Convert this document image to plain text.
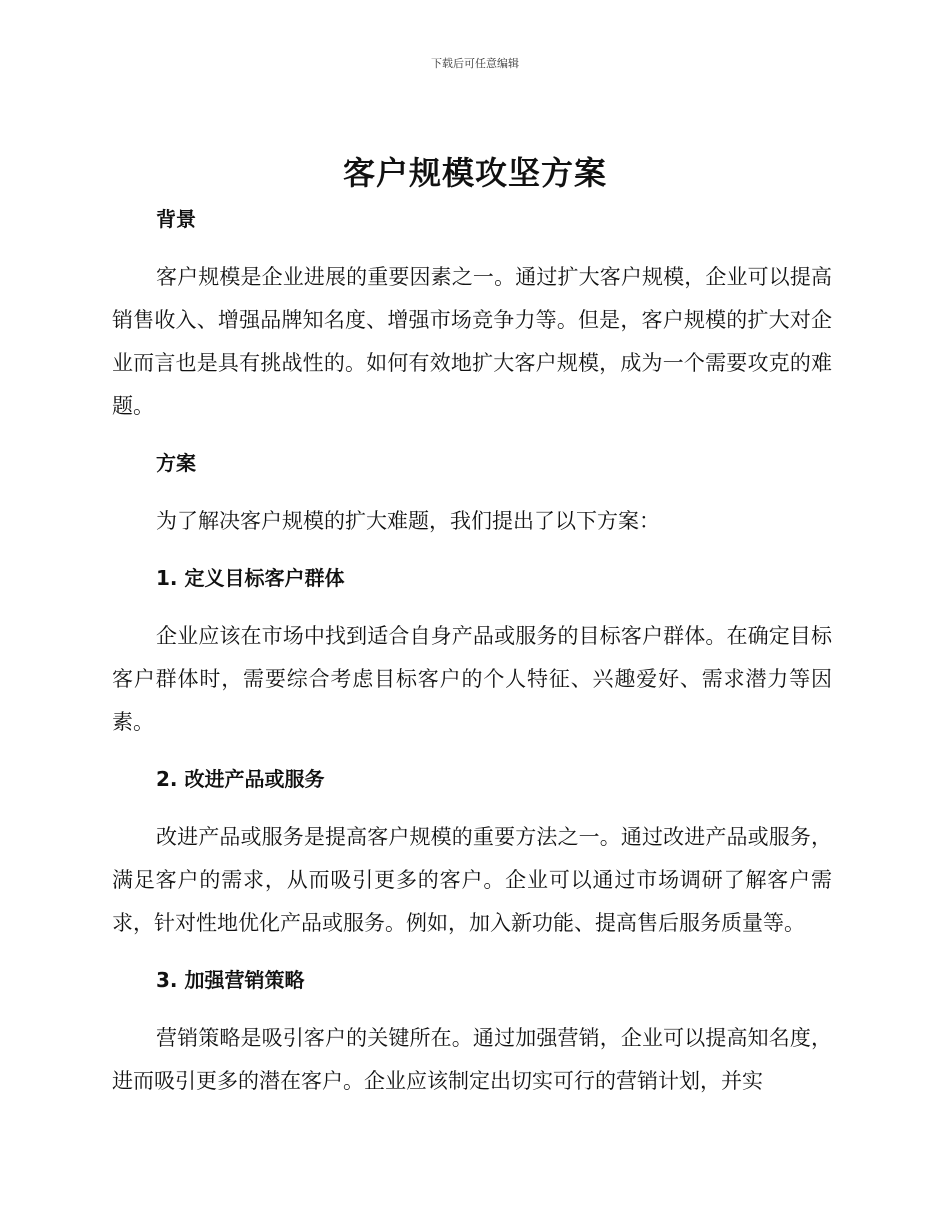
下载后可任意编辑
客户规模攻坚方案
背景

客户规模是企业进展的重要因素之一。通过扩大客户规模，企业可以提高销售收入、增强品牌知名度、增强市场竞争力等。但是，客户规模的扩大对企业而言也是具有挑战性的。如何有效地扩大客户规模，成为一个需要攻克的难题。

方案

为了解决客户规模的扩大难题，我们提出了以下方案：

1. 定义目标客户群体

企业应该在市场中找到适合自身产品或服务的目标客户群体。在确定目标客户群体时，需要综合考虑目标客户的个人特征、兴趣爱好、需求潜力等因素。

2. 改进产品或服务

改进产品或服务是提高客户规模的重要方法之一。通过改进产品或服务，满足客户的需求，从而吸引更多的客户。企业可以通过市场调研了解客户需求，针对性地优化产品或服务。例如，加入新功能、提高售后服务质量等。

3. 加强营销策略

营销策略是吸引客户的关键所在。通过加强营销，企业可以提高知名度，进而吸引更多的潜在客户。企业应该制定出切实可行的营销计划，并实
